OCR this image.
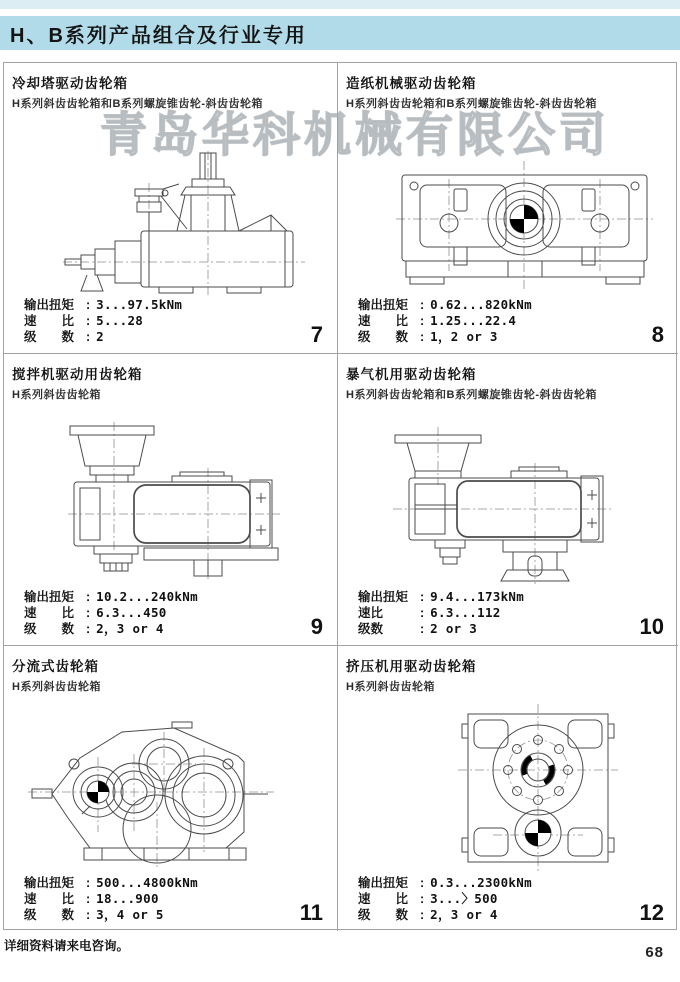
H、B系列产品组合及行业专用
青岛华科机械有限公司
冷却塔驱动齿轮箱
H系列斜齿齿轮箱和B系列螺旋锥齿轮-斜齿齿轮箱
输出扭矩 : 3...97.5kNm
速　　比 : 5...28
级　　数 : 2	7
造纸机械驱动齿轮箱
H系列斜齿齿轮箱和B系列螺旋锥齿轮-斜齿齿轮箱
输出扭矩 : 0.62...820kNm
速　　比 : 1.25...22.4
级　　数 : 1，2 or 3	8
搅拌机驱动用齿轮箱
H系列斜齿齿轮箱
输出扭矩 : 10.2...240kNm
速　　比 : 6.3...450
级　　数 : 2，3 or 4	9
暴气机用驱动齿轮箱
H系列斜齿齿轮箱和B系列螺旋锥齿轮-斜齿齿轮箱
输出扭矩 : 9.4...173kNm
速比	: 6.3...112
级数	: 2 or 3	10
分流式齿轮箱
H系列斜齿齿轮箱
输出扭矩 : 500...4800kNm
速　　比 : 18...900
级　　数 : 3，4 or 5	11
挤压机用驱动齿轮箱
H系列斜齿齿轮箱
输出扭矩 : 0.3...2300kNm
速　　比 : 3...〉500
级　　数 : 2，3 or 4	12
详细资料请来电咨询。	68
